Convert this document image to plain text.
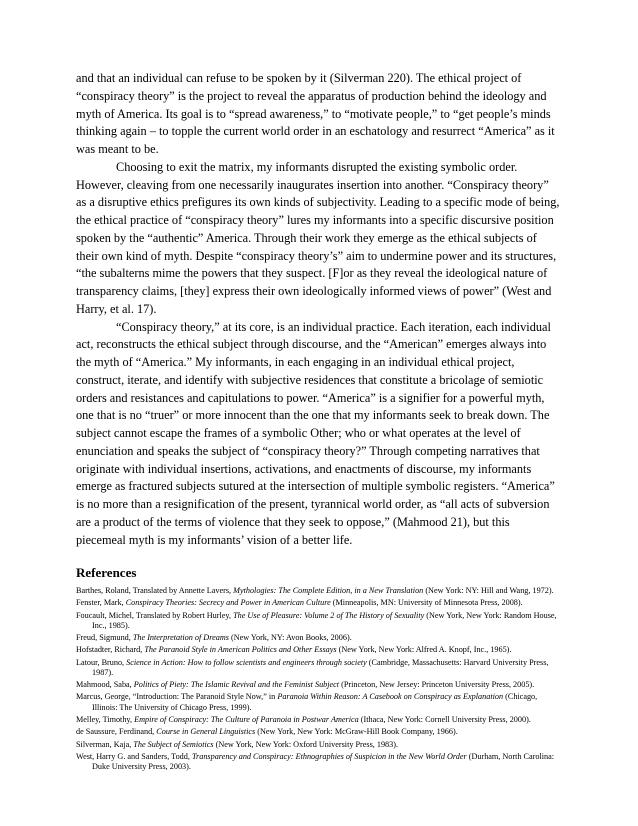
and that an individual can refuse to be spoken by it (Silverman 220). The ethical project of “conspiracy theory” is the project to reveal the apparatus of production behind the ideology and myth of America. Its goal is to “spread awareness,” to “motivate people,” to “get people’s minds thinking again – to topple the current world order in an eschatology and resurrect “America” as it was meant to be.

Choosing to exit the matrix, my informants disrupted the existing symbolic order. However, cleaving from one necessarily inaugurates insertion into another. “Conspiracy theory” as a disruptive ethics prefigures its own kinds of subjectivity. Leading to a specific mode of being, the ethical practice of “conspiracy theory” lures my informants into a specific discursive position spoken by the “authentic” America. Through their work they emerge as the ethical subjects of their own kind of myth. Despite “conspiracy theory’s” aim to undermine power and its structures, “the subalterns mime the powers that they suspect. [F]or as they reveal the ideological nature of transparency claims, [they] express their own ideologically informed views of power” (West and Harry, et al. 17).

“Conspiracy theory,” at its core, is an individual practice. Each iteration, each individual act, reconstructs the ethical subject through discourse, and the “American” emerges always into the myth of “America.” My informants, in each engaging in an individual ethical project, construct, iterate, and identify with subjective residences that constitute a bricolage of semiotic orders and resistances and capitulations to power. “America” is a signifier for a powerful myth, one that is no “truer” or more innocent than the one that my informants seek to break down. The subject cannot escape the frames of a symbolic Other; who or what operates at the level of enunciation and speaks the subject of “conspiracy theory?” Through competing narratives that originate with individual insertions, activations, and enactments of discourse, my informants emerge as fractured subjects sutured at the intersection of multiple symbolic registers. “America” is no more than a resignification of the present, tyrannical world order, as “all acts of subversion are a product of the terms of violence that they seek to oppose,” (Mahmood 21), but this piecemeal myth is my informants’ vision of a better life.

References
Barthes, Roland, Translated by Annette Lavers, Mythologies: The Complete Edition, in a New Translation (New York: NY: Hill and Wang, 1972).
Fenster, Mark, Conspiracy Theories: Secrecy and Power in American Culture (Minneapolis, MN: University of Minnesota Press, 2008).
Foucault, Michel, Translated by Robert Hurley, The Use of Pleasure: Volume 2 of The History of Sexuality (New York, New York: Random House, Inc., 1985).
Freud, Sigmund, The Interpretation of Dreams (New York, NY: Avon Books, 2006).
Hofstadter, Richard, The Paranoid Style in American Politics and Other Essays (New York, New York: Alfred A. Knopf, Inc., 1965).
Latour, Bruno, Science in Action: How to follow scientists and engineers through society (Cambridge, Massachusetts: Harvard University Press, 1987).
Mahmood, Saba, Politics of Piety: The Islamic Revival and the Feminist Subject (Princeton, New Jersey: Princeton University Press, 2005).
Marcus, George, “Introduction: The Paranoid Style Now,” in Paranoia Within Reason: A Casebook on Conspiracy as Explanation (Chicago, Illinois: The University of Chicago Press, 1999).
Melley, Timothy, Empire of Conspiracy: The Culture of Paranoia in Postwar America (Ithaca, New York: Cornell University Press, 2000).
de Saussure, Ferdinand, Course in General Linguistics (New York, New York: McGraw-Hill Book Company, 1966).
Silverman, Kaja, The Subject of Semiotics (New York, New York: Oxford University Press, 1983).
West, Harry G. and Sanders, Todd, Transparency and Conspiracy: Ethnographies of Suspicion in the New World Order (Durham, North Carolina: Duke University Press, 2003).
